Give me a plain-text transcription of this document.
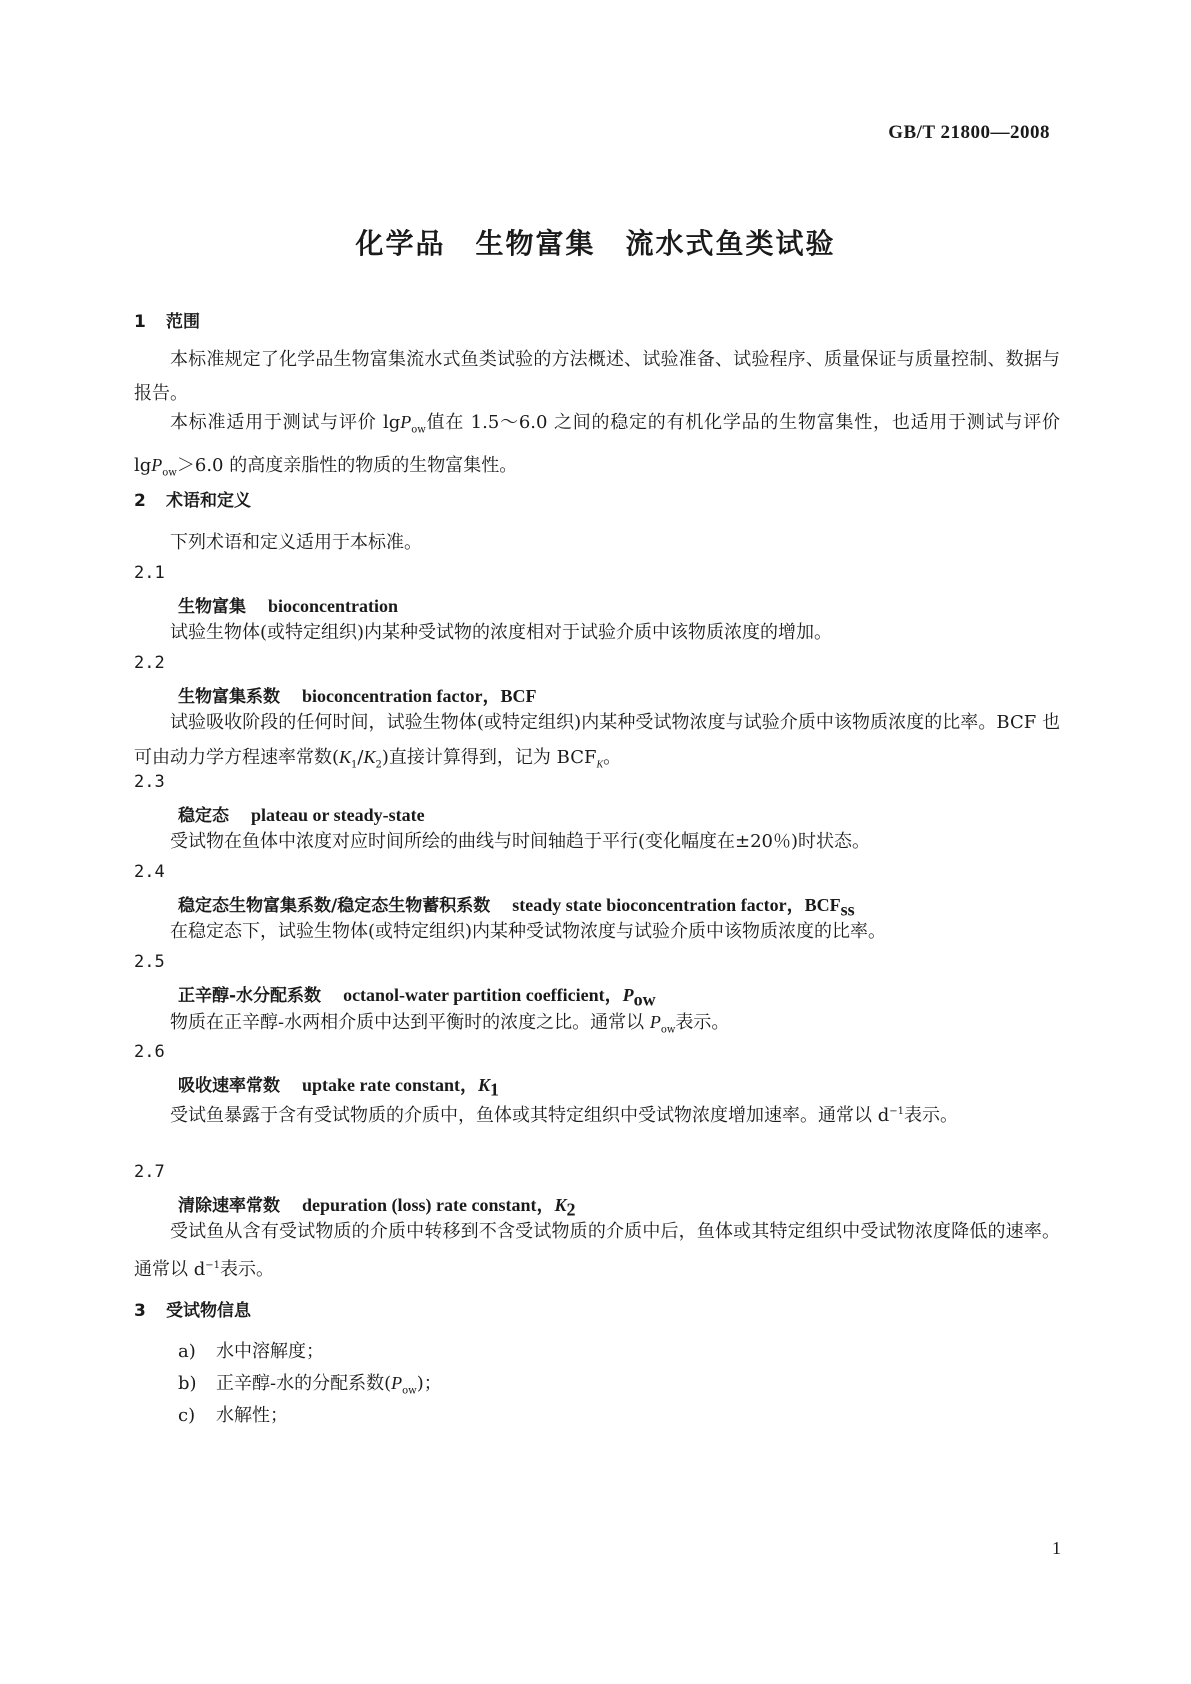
GB/T 21800—2008
化学品　生物富集　流水式鱼类试验
1 范围

本标准规定了化学品生物富集流水式鱼类试验的方法概述、试验准备、试验程序、质量保证与质量控制、数据与报告。

本标准适用于测试与评价 lgP$_{ow}$值在 1.5～6.0 之间的稳定的有机化学品的生物富集性，也适用于测试与评价 lgP$_{ow}$＞6.0 的高度亲脂性的物质的生物富集性。

2 术语和定义

下列术语和定义适用于本标准。

2.1
生物富集 bioconcentration

试验生物体(或特定组织)内某种受试物的浓度相对于试验介质中该物质浓度的增加。

2.2
生物富集系数 bioconcentration factor，BCF

试验吸收阶段的任何时间，试验生物体(或特定组织)内某种受试物浓度与试验介质中该物质浓度的比率。BCF 也可由动力学方程速率常数$(K_1/K_2)$直接计算得到，记为 $BCF_K$。

2.3
稳定态 plateau or steady-state

受试物在鱼体中浓度对应时间所绘的曲线与时间轴趋于平行(变化幅度在±20％)时状态。

2.4
稳定态生物富集系数/稳定态生物蓄积系数 steady state bioconcentration factor，$BCF_{ss}$

在稳定态下，试验生物体(或特定组织)内某种受试物浓度与试验介质中该物质浓度的比率。

2.5
正辛醇-水分配系数 octanol-water partition coefficient，$P_{ow}$

物质在正辛醇-水两相介质中达到平衡时的浓度之比。通常以 $P_{ow}$表示。

2.6
吸收速率常数 uptake rate constant，$K_1$

受试鱼暴露于含有受试物质的介质中，鱼体或其特定组织中受试物浓度增加速率。通常以 $d^{-1}$表示。

2.7
清除速率常数 depuration (loss) rate constant，$K_2$

受试鱼从含有受试物质的介质中转移到不含受试物质的介质中后，鱼体或其特定组织中受试物浓度降低的速率。通常以 $d^{-1}$表示。

3 受试物信息
a) 水中溶解度；
b) 正辛醇-水的分配系数$(P_{ow})$；
c) 水解性；
1
